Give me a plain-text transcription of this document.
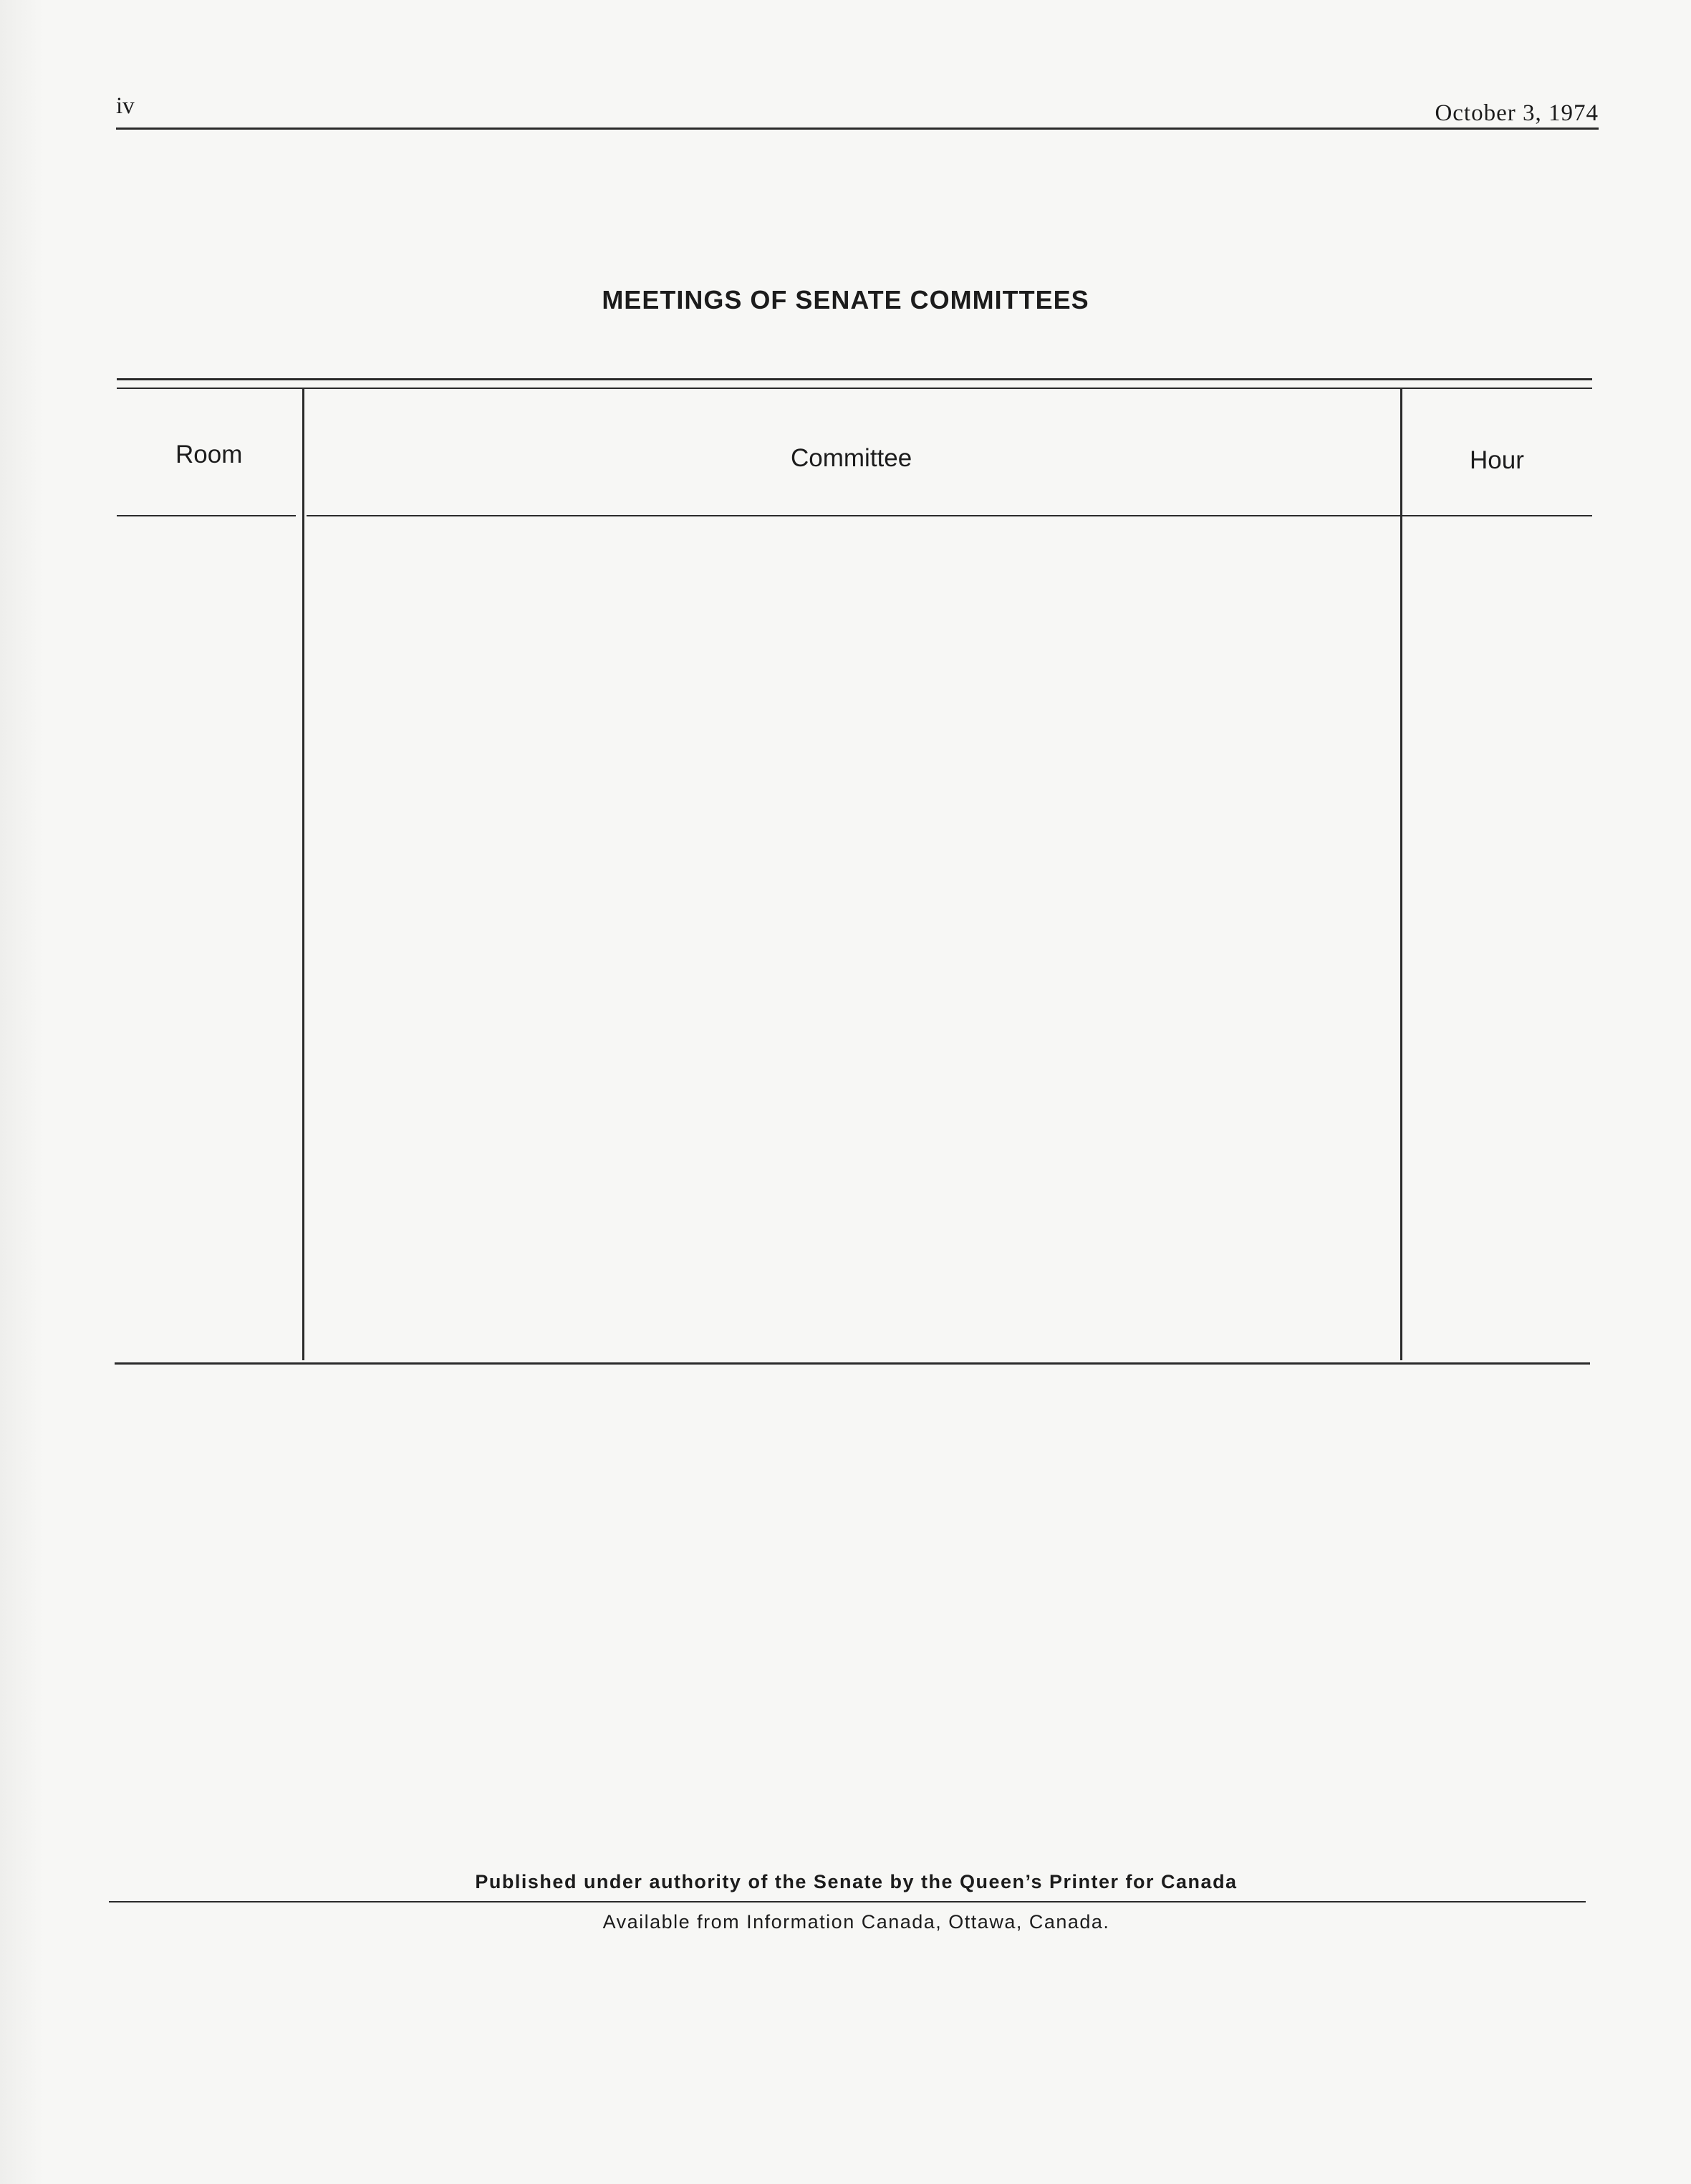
iv	October 3, 1974
MEETINGS OF SENATE COMMITTEES
Room	Committee	Hour
Published under authority of the Senate by the Queen’s Printer for Canada
Available from Information Canada, Ottawa, Canada.
